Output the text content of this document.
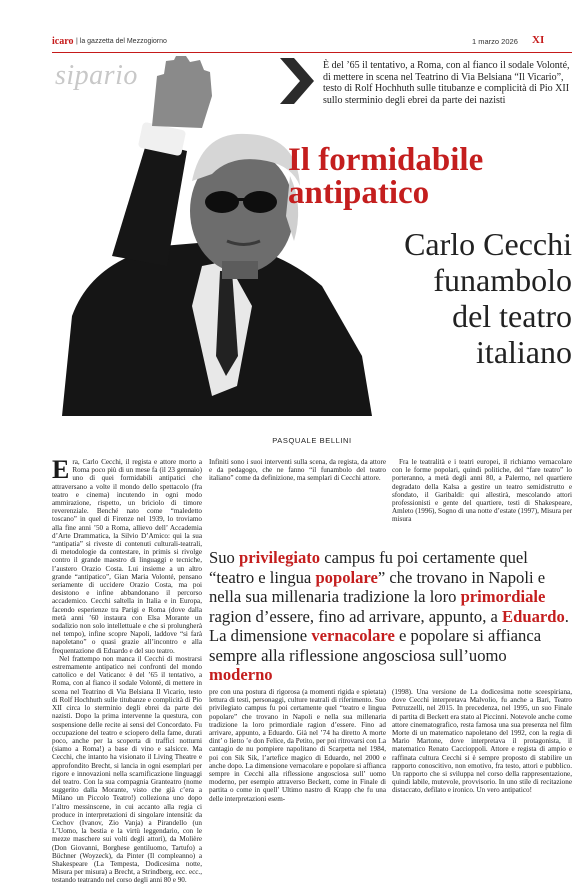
icaro | la gazzetta del Mezzogiorno	1 marzo 2026 XI
sipario	È del ’65 il tentativo, a Roma, con al fianco il sodale Volonté, di mettere in scena nel Teatrino di Via Belsiana “Il Vicario”, testo di Rolf Hochhuth sulle titubanze e complicità di Pio XII sullo sterminio degli ebrei da parte dei nazisti
Il formidabile
antipatico
Carlo Cecchi
funambolo
del teatro
italiano
PASQUALE BELLINI

Era, Carlo Cecchi, il regista e attore morto a Roma poco più di un mese fa (il 23 gennaio) uno di quei formidabili antipatici che attraversano a volte il mondo dello spettacolo (fra teatro e cinema) incutendo in ogni modo ammirazione, rispetto, un briciolo di timore reverenziale. Benché nato come “maledetto toscano” in quel di Firenze nel 1939, lo troviamo alla fine anni ’50 a Roma, allievo dell’ Accademia d’Arte Drammatica, la Silvio D’Amico: qui la sua “antipatia” si riveste di contenuti culturali-teatrali, di metodologie da contestare, in primis si rivolge contro il grande maestro di linguaggi e tecniche, l’austero Orazio Costa. Lui insieme a un altro grande “antipatico”, Gian Maria Volonté, pensano seriamente di uccidere Orazio Costa, ma poi desistono e infine abbandonano il percorso accademico. Cecchi saltella in Italia e in Europa, facendo esperienze tra Parigi e Roma (dove dalla metà anni ’60 instaura con Elsa Morante un sodalizio non solo intellettuale e che si prolungherà nel tempo), infine scopre Napoli, laddove “si farà napoletano” o quasi grazie all’incontro e alla frequentazione di Eduardo e del suo teatro.

Nel frattempo non manca il Cecchi di mostrarsi estremamente antipatico nei confronti del mondo cattolico e del Vaticano: è del ’65 il tentativo, a Roma, con al fianco il sodale Volonté, di mettere in scena nel Teatrino di Via Belsiana Il Vicario, testo di Rolf Hochhuth sulle titubanze e complicità di Pio XII circa lo sterminio degli ebrei da parte dei nazisti. Dopo la prima intervenne la questura, con sospensione delle recite ai sensi del Concordato. Fu occupazione del teatro e sciopero della fame, durati poco, anche per la scoperta di traffici notturni (siamo a Roma!) a base di vino e salsicce. Ma Cecchi, che intanto ha visionato il Living Theatre e approfondito Brecht, si lancia in ogni esemplari per rigore e innovazioni nella scarnificazione linguaggi del teatro. Con la sua compagnia Granteatro (nome suggerito dalla Morante, visto che già c’era a Milano un Piccolo Teatro!) colleziona uno dopo l’altro messinscene, in cui accanto alla regia ci produce in interpretazioni di singolare intensità: da Cechov (Ivanov, Zio Vanja) a Pirandello (un L’Uomo, la bestia e la virtù leggendario, con le mezze maschere sui volti degli attori), da Molière (Don Giovanni, Borghese gentiluomo, Tartufo) a Büchner (Woyzeck), da Pinter (Il compleanno) a Shakespeare (La Tempesta, Dodicesima notte, Misura per misura) a Brecht, a Strindberg, ecc. ecc., testando teatrando nel corso degli anni 80 e 90.

Infiniti sono i suoi interventi sulla scena, da regista, da attore e da pedagogo, che ne fanno “il funambolo del teatro italiano” come da definizione, ma semplari di Cecchi attore.

Fra le teatralità e i teatri europei, il richiamo vernacolare con le forme popolari, quindi politiche, del “fare teatro” lo porteranno, a metà degli anni 80, a Palermo, nel quartiere degradato della Kalsa a gestire un teatro semidistrutto e sfondato, il Garibaldi: qui allestirà, mescolando attori professionisti e gente del quartiere, testi di Shakespeare, Amleto (1996), Sogno di una notte d’estate (1997), Misura per misura

Suo privilegiato campus fu poi certamente quel “teatro e lingua popolare” che trovano in Napoli e nella sua millenaria tradizione la loro primordiale ragion d’essere, fino ad arrivare, appunto, a Eduardo. La dimensione vernacolare e popolare si affianca sempre alla riflessione angosciosa sull’uomo moderno

pre con una postura di rigorosa (a momenti rigida e spietata) lettura di testi, personaggi, culture teatrali di riferimento. Suo privilegiato campus fu poi certamente quel “teatro e lingua popolare” che trovano in Napoli e nella sua millenaria tradizione la loro primordiale ragion d’essere. Fino ad arrivare, appunto, a Eduardo. Già nel ’74 ha diretto A morte dint’ o lietto ’e don Felice, da Petito, per poi ritrovarsi con La cantagio de nu pompiere napolitano di Scarpetta nel 1984, poi con Sik Sik, l’artefice magico di Eduardo, nel 2000 e anche dopo. La dimensione vernacolare e popolare si affianca sempre in Cecchi alla riflessione angosciosa sull’ uomo moderno, per esempio attraverso Beckett, come in Finale di partita o come in quell’ Ultimo nastro di Krapp che fu una delle interpretazioni esem-

(1998). Una versione de La dodicesima notte sceespiriana, dove Cecchi interpretava Malvolio, fu anche a Bari, Teatro Petruzzelli, nel 2015. In precedenza, nel 1995, un suo Finale di partita di Beckett era stato al Piccinni. Notevole anche come attore cinematografico, resta famosa una sua presenza nel film Morte di un matematico napoletano del 1992, con la regia di Mario Martone, dove interpretava il protagonista, il matematico Renato Caccioppoli. Attore e regista di ampio e raffinata cultura Cecchi si è sempre proposto di stabilire un rapporto conoscitivo, non emotivo, fra testo, attori e pubblico. Un rapporto che si sviluppa nel corso della rappresentazione, quindi labile, mutevole, provvisorio. In uno stile di recitazione distaccato, defilato e ironico. Un vero antipatico!
